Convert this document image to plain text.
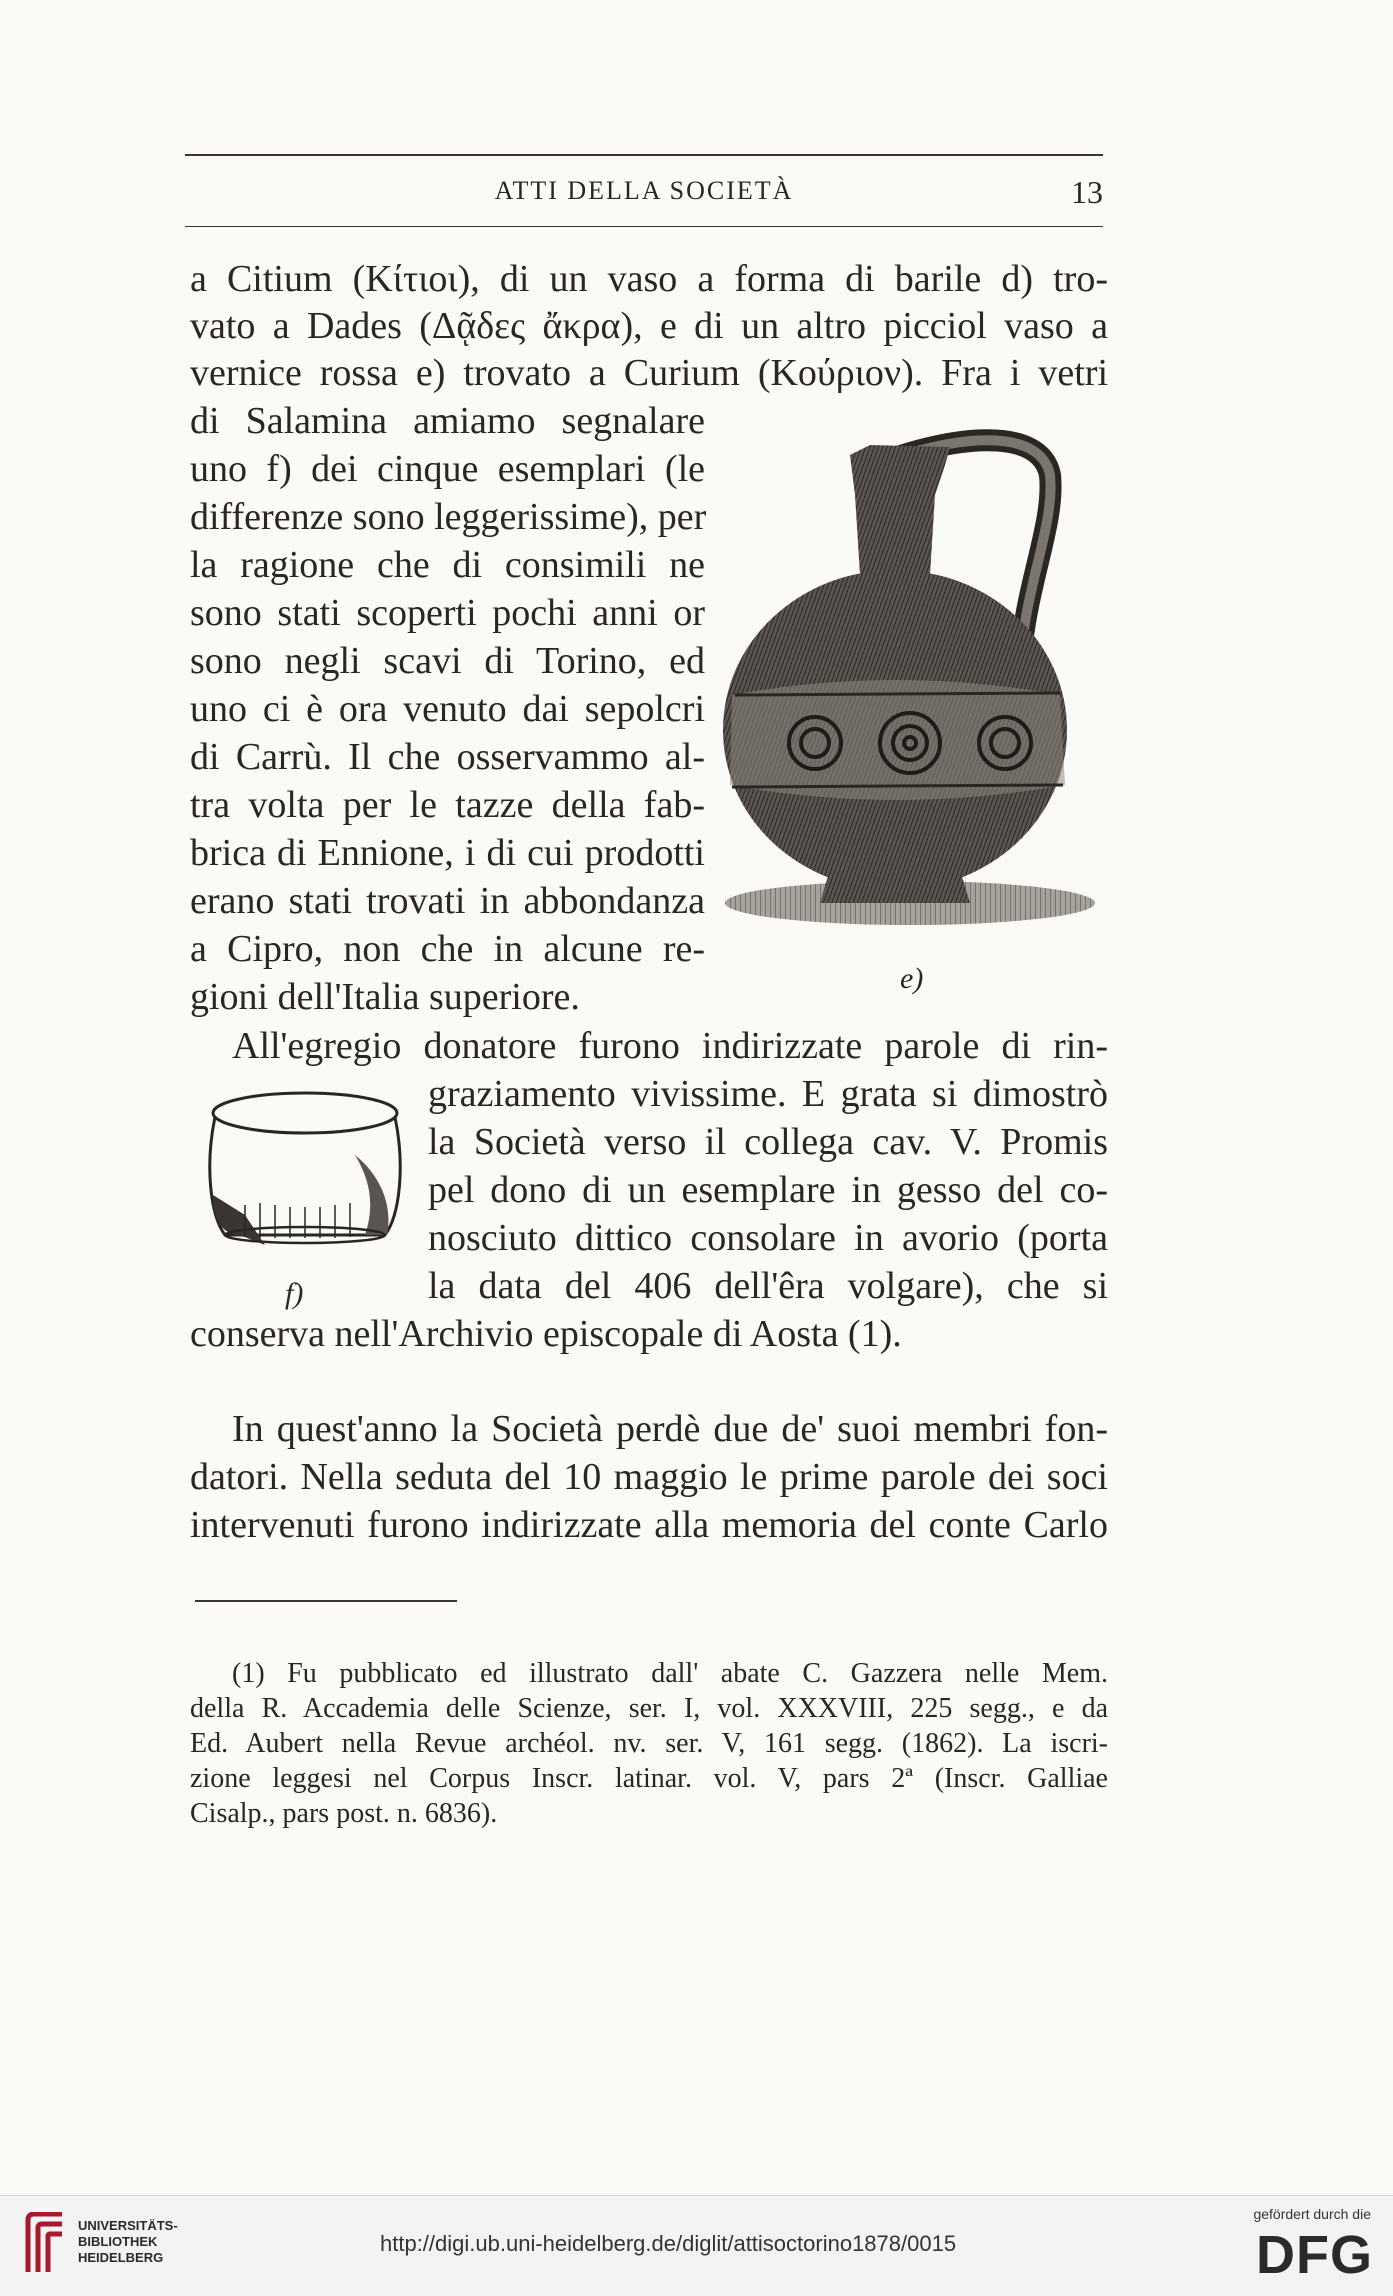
ATTI DELLA SOCIETÀ	13
a Citium (Κίτιοι), di un vaso a forma di barile d) tro-
vato a Dades (Δᾷδες ἄκρα), e di un altro picciol vaso a
vernice rossa e) trovato a Curium (Κούριον). Fra i vetri
di Salamina amiamo segnalare
uno f) dei cinque esemplari (le
differenze sono leggerissime), per
la ragione che di consimili ne
sono stati scoperti pochi anni or
sono negli scavi di Torino, ed
uno ci è ora venuto dai sepolcri
di Carrù. Il che osservammo al-
tra volta per le tazze della fab-
brica di Ennione, i di cui prodotti
erano stati trovati in abbondanza
a Cipro, non che in alcune re-
gioni dell'Italia superiore.	e)
All'egregio donatore furono indirizzate parole di rin-
graziamento vivissime. E grata si dimostrò
la Società verso il collega cav. V. Promis
pel dono di un esemplare in gesso del co-
nosciuto dittico consolare in avorio (porta
la data del 406 dell'êra volgare), che si
conserva nell'Archivio episcopale di Aosta (1).
f)
In quest'anno la Società perdè due de' suoi membri fon-
datori. Nella seduta del 10 maggio le prime parole dei soci
intervenuti furono indirizzate alla memoria del conte Carlo
(1) Fu pubblicato ed illustrato dall' abate C. Gazzera nelle Mem.
della R. Accademia delle Scienze, ser. I, vol. XXXVIII, 225 segg., e da
Ed. Aubert nella Revue archéol. nv. ser. V, 161 segg. (1862). La iscri-
zione leggesi nel Corpus Inscr. latinar. vol. V, pars 2ª (Inscr. Galliae
Cisalp., pars post. n. 6836).
UNIVERSITÄTS-
BIBLIOTHEK
HEIDELBERG
http://digi.ub.uni-heidelberg.de/diglit/attisoctorino1878/0015
gefördert durch die
DFG
